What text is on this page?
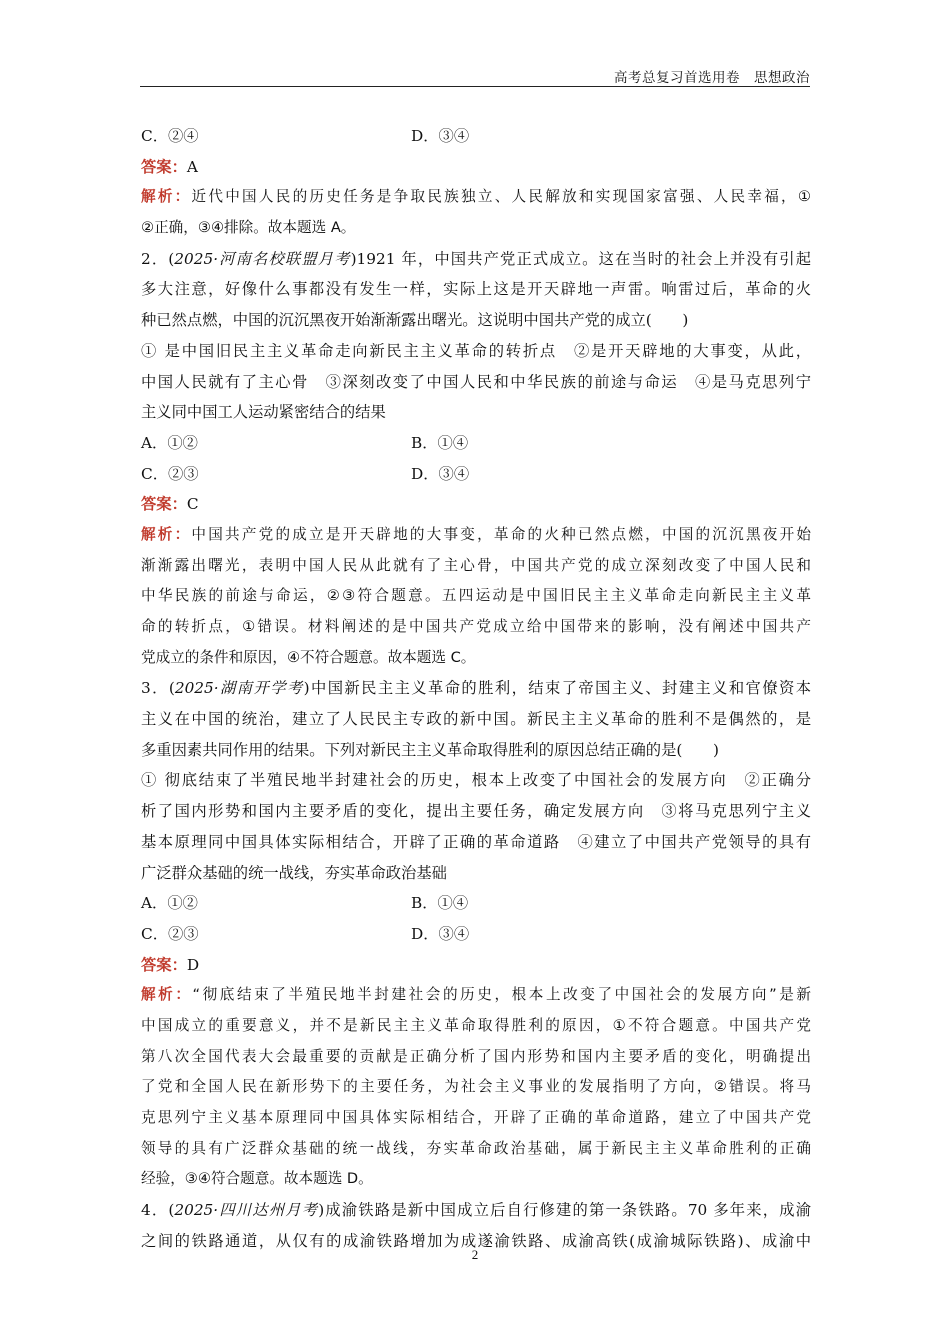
高考总复习首选用卷　思想政治
C．②④	D．③④
答案：A
解析：近代中国人民的历史任务是争取民族独立、人民解放和实现国家富强、人民幸福，①
②正确，③④排除。故本题选 A。
2．(2025·河南名校联盟月考)1921 年，中国共产党正式成立。这在当时的社会上并没有引起
多大注意，好像什么事都没有发生一样，实际上这是开天辟地一声雷。响雷过后，革命的火
种已然点燃，中国的沉沉黑夜开始渐渐露出曙光。这说明中国共产党的成立(　　)
① 是中国旧民主主义革命走向新民主主义革命的转折点　②是开天辟地的大事变，从此，
中国人民就有了主心骨　③深刻改变了中国人民和中华民族的前途与命运　④是马克思列宁
主义同中国工人运动紧密结合的结果
A．①②	B．①④
C．②③	D．③④
答案：C
解析：中国共产党的成立是开天辟地的大事变，革命的火种已然点燃，中国的沉沉黑夜开始
渐渐露出曙光，表明中国人民从此就有了主心骨，中国共产党的成立深刻改变了中国人民和
中华民族的前途与命运，②③符合题意。五四运动是中国旧民主主义革命走向新民主主义革
命的转折点，①错误。材料阐述的是中国共产党成立给中国带来的影响，没有阐述中国共产
党成立的条件和原因，④不符合题意。故本题选 C。
3．(2025·湖南开学考)中国新民主主义革命的胜利，结束了帝国主义、封建主义和官僚资本
主义在中国的统治，建立了人民民主专政的新中国。新民主主义革命的胜利不是偶然的，是
多重因素共同作用的结果。下列对新民主主义革命取得胜利的原因总结正确的是(　　)
① 彻底结束了半殖民地半封建社会的历史，根本上改变了中国社会的发展方向　②正确分
析了国内形势和国内主要矛盾的变化，提出主要任务，确定发展方向　③将马克思列宁主义
基本原理同中国具体实际相结合，开辟了正确的革命道路　④建立了中国共产党领导的具有
广泛群众基础的统一战线，夯实革命政治基础
A．①②	B．①④
C．②③	D．③④
答案：D
解析：“彻底结束了半殖民地半封建社会的历史，根本上改变了中国社会的发展方向”是新
中国成立的重要意义，并不是新民主主义革命取得胜利的原因，①不符合题意。中国共产党
第八次全国代表大会最重要的贡献是正确分析了国内形势和国内主要矛盾的变化，明确提出
了党和全国人民在新形势下的主要任务，为社会主义事业的发展指明了方向，②错误。将马
克思列宁主义基本原理同中国具体实际相结合，开辟了正确的革命道路，建立了中国共产党
领导的具有广泛群众基础的统一战线，夯实革命政治基础，属于新民主主义革命胜利的正确
经验，③④符合题意。故本题选 D。
4．(2025·四川达州月考)成渝铁路是新中国成立后自行修建的第一条铁路。70 多年来，成渝
之间的铁路通道，从仅有的成渝铁路增加为成遂渝铁路、成渝高铁(成渝城际铁路)、成渝中
2
